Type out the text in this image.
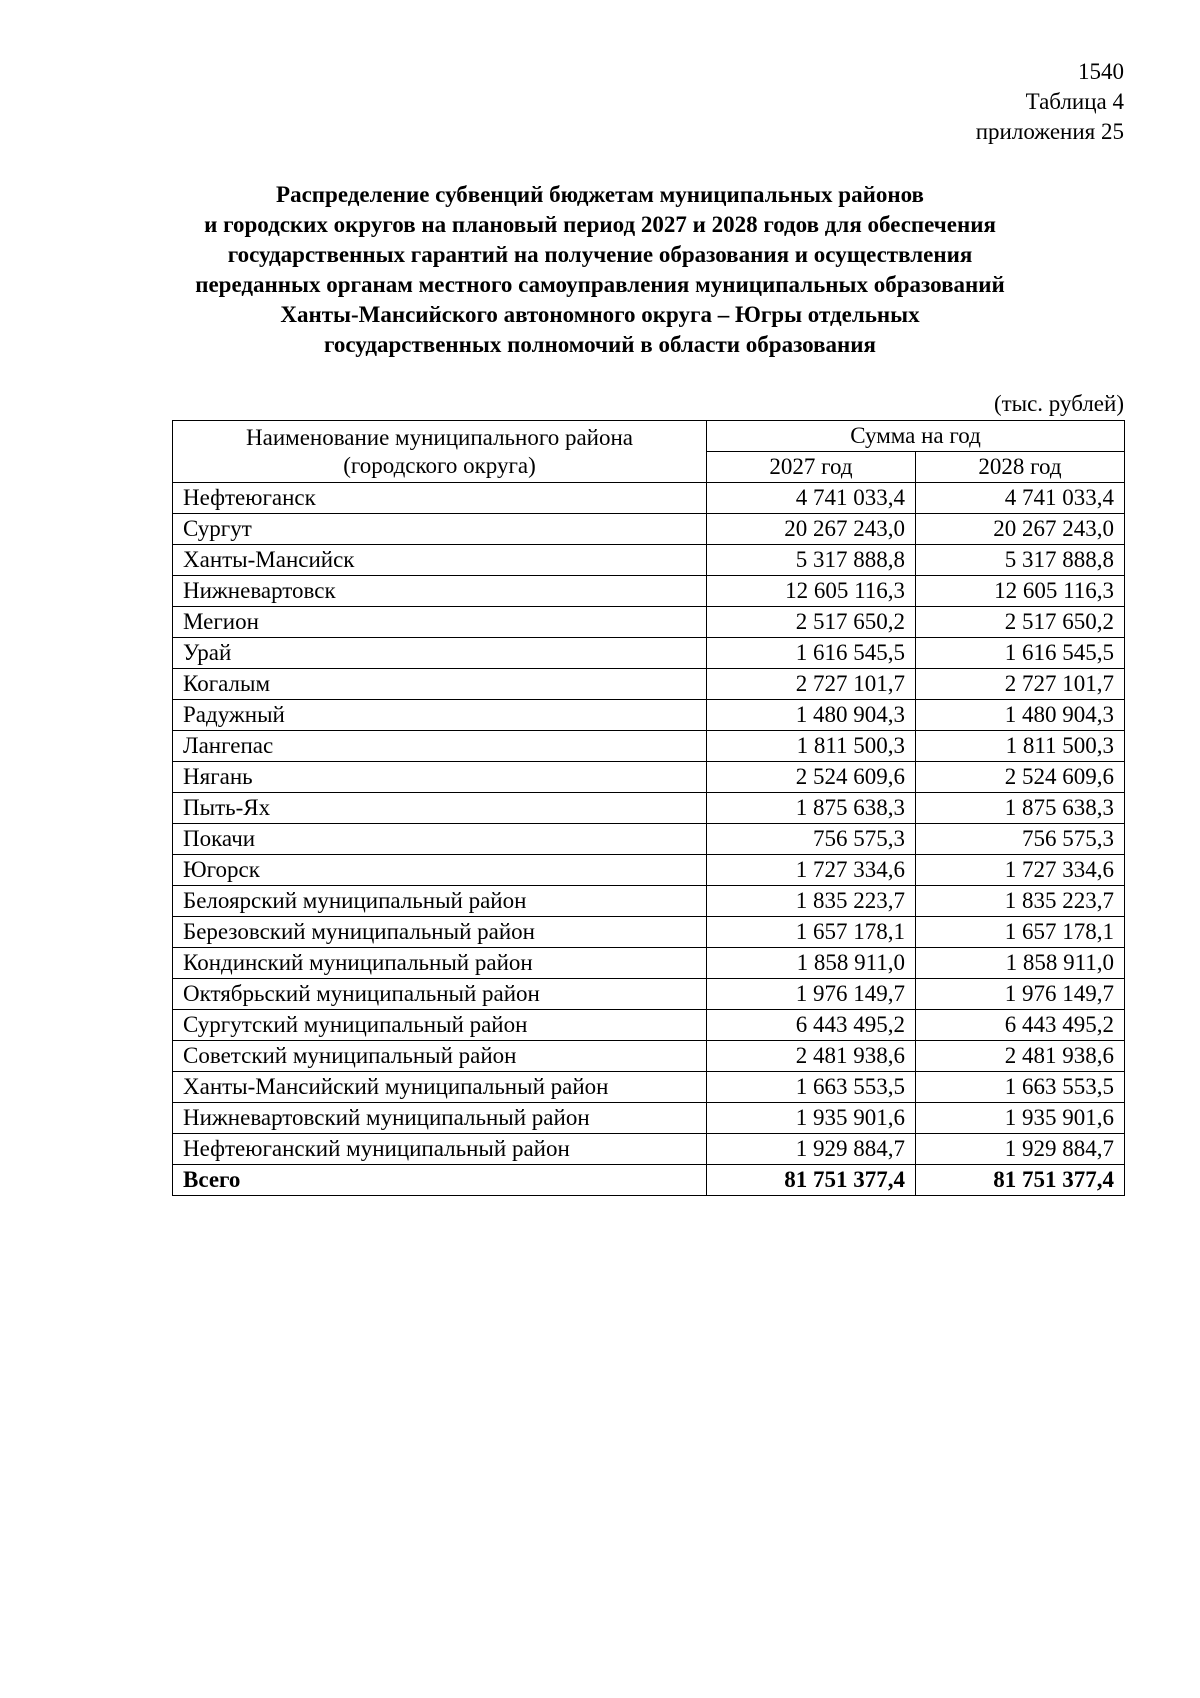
1540
Таблица 4
приложения 25
Распределение субвенций бюджетам муниципальных районов
и городских округов на плановый период 2027 и 2028 годов для обеспечения
государственных гарантий на получение образования и осуществления
переданных органам местного самоуправления муниципальных образований
Ханты-Мансийского автономного округа – Югры отдельных
государственных полномочий в области образования
(тыс. рублей)
Наименование муниципального района
(городского округа)	Сумма на год	
	2027 год	2028 год
Нефтеюганск	4 741 033,4	4 741 033,4
Сургут	20 267 243,0	20 267 243,0
Ханты-Мансийск	5 317 888,8	5 317 888,8
Нижневартовск	12 605 116,3	12 605 116,3
Мегион	2 517 650,2	2 517 650,2
Урай	1 616 545,5	1 616 545,5
Когалым	2 727 101,7	2 727 101,7
Радужный	1 480 904,3	1 480 904,3
Лангепас	1 811 500,3	1 811 500,3
Нягань	2 524 609,6	2 524 609,6
Пыть-Ях	1 875 638,3	1 875 638,3
Покачи	756 575,3	756 575,3
Югорск	1 727 334,6	1 727 334,6
Белоярский муниципальный район	1 835 223,7	1 835 223,7
Березовский муниципальный район	1 657 178,1	1 657 178,1
Кондинский муниципальный район	1 858 911,0	1 858 911,0
Октябрьский муниципальный район	1 976 149,7	1 976 149,7
Сургутский муниципальный район	6 443 495,2	6 443 495,2
Советский муниципальный район	2 481 938,6	2 481 938,6
Ханты-Мансийский муниципальный район	1 663 553,5	1 663 553,5
Нижневартовский муниципальный район	1 935 901,6	1 935 901,6
Нефтеюганский муниципальный район	1 929 884,7	1 929 884,7
Всего	81 751 377,4	81 751 377,4
